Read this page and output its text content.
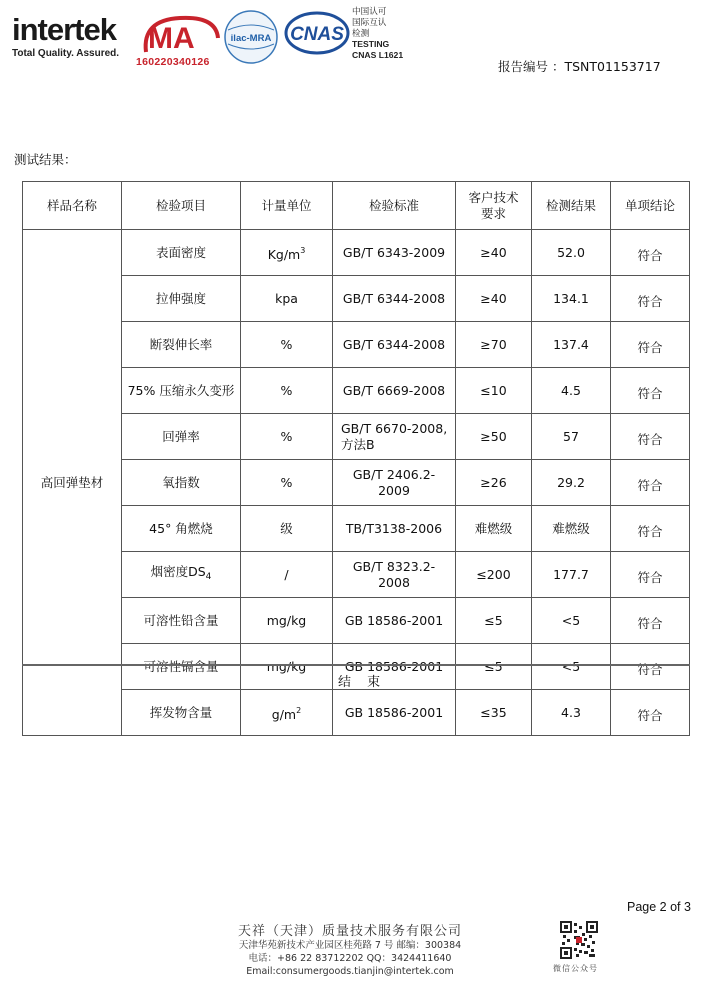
intertek
Total Quality. Assured. MA
160220340126
ilac-MRA CNAS
中国认可
国际互认
检测
TESTING
CNAS L1621
报告编号 ：TSNT01153717
测试结果：
样品名称	检验项目	计量单位	检验标准	客户技术
要求	检测结果	单项结论
高回弹垫材	表面密度	$Kg/m^3$	GB/T 6343-2009	≥40	52.0	符合
	拉伸强度	kpa	GB/T 6344-2008	≥40	134.1	符合
	断裂伸长率	%	GB/T 6344-2008	≥70	137.4	符合
	75% 压缩永久变形	%	GB/T 6669-2008	≤10	4.5	符合
	回弹率	%	GB/T 6670-2008,
方法B	≥50	57	符合
	氧指数	%	GB/T 2406.2-2009	≥26	29.2	符合
	45° 角燃烧	级	TB/T3138-2006	难燃级	难燃级	符合
	烟密度$DS_4$	/	GB/T 8323.2-2008	≤200	177.7	符合
	可溶性铅含量	mg/kg	GB 18586-2001	≤5	<5	符合
	可溶性镉含量	mg/kg	GB 18586-2001	≤5	<5	符合
	挥发物含量	$g/m^2$	GB 18586-2001	≤35	4.3	符合
结 束
Page 2 of 3
天祥（天津）质量技术服务有限公司
天津华苑新技术产业园区桂苑路 7 号 邮编：300384
电话：+86 22 83712202 QQ：3424411640
Email:consumergoods.tianjin@intertek.com	微信公众号
